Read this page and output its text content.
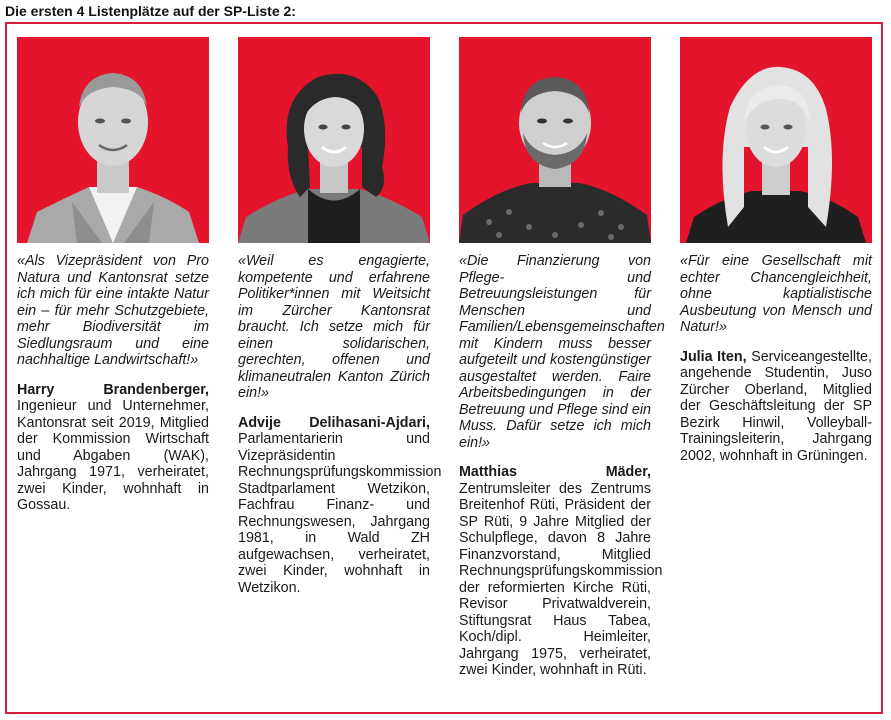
Die ersten 4 Listenplätze auf der SP-Liste 2:
«Als Vizepräsident von Pro Natura und Kantonsrat setze ich mich für eine intakte Natur ein – für mehr Schutzgebiete, mehr Biodiversität im Siedlungsraum und eine nachhaltige Landwirtschaft!»
Harry Brandenberger, Ingenieur und Unternehmer, Kantonsrat seit 2019, Mitglied der Kommission Wirtschaft und Abgaben (WAK), Jahrgang 1971, verheiratet, zwei Kinder, wohnhaft in Gossau.
«Weil es engagierte, kompetente und erfahrene Politiker*innen mit Weitsicht im Zürcher Kantonsrat braucht. Ich setze mich für einen solidarischen, gerechten, offenen und klimaneutralen Kanton Zürich ein!»
Advije Delihasani-Ajdari, Parlamentarierin und Vizepräsidentin Rechnungsprüfungskommission Stadtparlament Wetzikon, Fachfrau Finanz- und Rechnungswesen, Jahrgang 1981, in Wald ZH aufgewachsen, verheiratet, zwei Kinder, wohnhaft in Wetzikon.
«Die Finanzierung von Pflege- und Betreuungsleistungen für Menschen und Familien/Lebensgemeinschaften mit Kindern muss besser aufgeteilt und kostengünstiger ausgestaltet werden. Faire Arbeitsbedingungen in der Betreuung und Pflege sind ein Muss. Dafür setze ich mich ein!»
Matthias Mäder, Zentrumsleiter des Zentrums Breitenhof Rüti, Präsident der SP Rüti, 9 Jahre Mitglied der Schulpflege, davon 8 Jahre Finanzvorstand, Mitglied Rechnungsprüfungskommission der reformierten Kirche Rüti, Revisor Privatwaldverein, Stiftungsrat Haus Tabea, Koch/dipl. Heimleiter, Jahrgang 1975, verheiratet, zwei Kinder, wohnhaft in Rüti.
«Für eine Gesellschaft mit echter Chancengleichheit, ohne kaptialistische Ausbeutung von Mensch und Natur!»
Julia Iten, Serviceangestellte, angehende Studentin, Juso Zürcher Oberland, Mitglied der Geschäftsleitung der SP Bezirk Hinwil, Volleyball-Trainingsleiterin, Jahrgang 2002, wohnhaft in Grüningen.
